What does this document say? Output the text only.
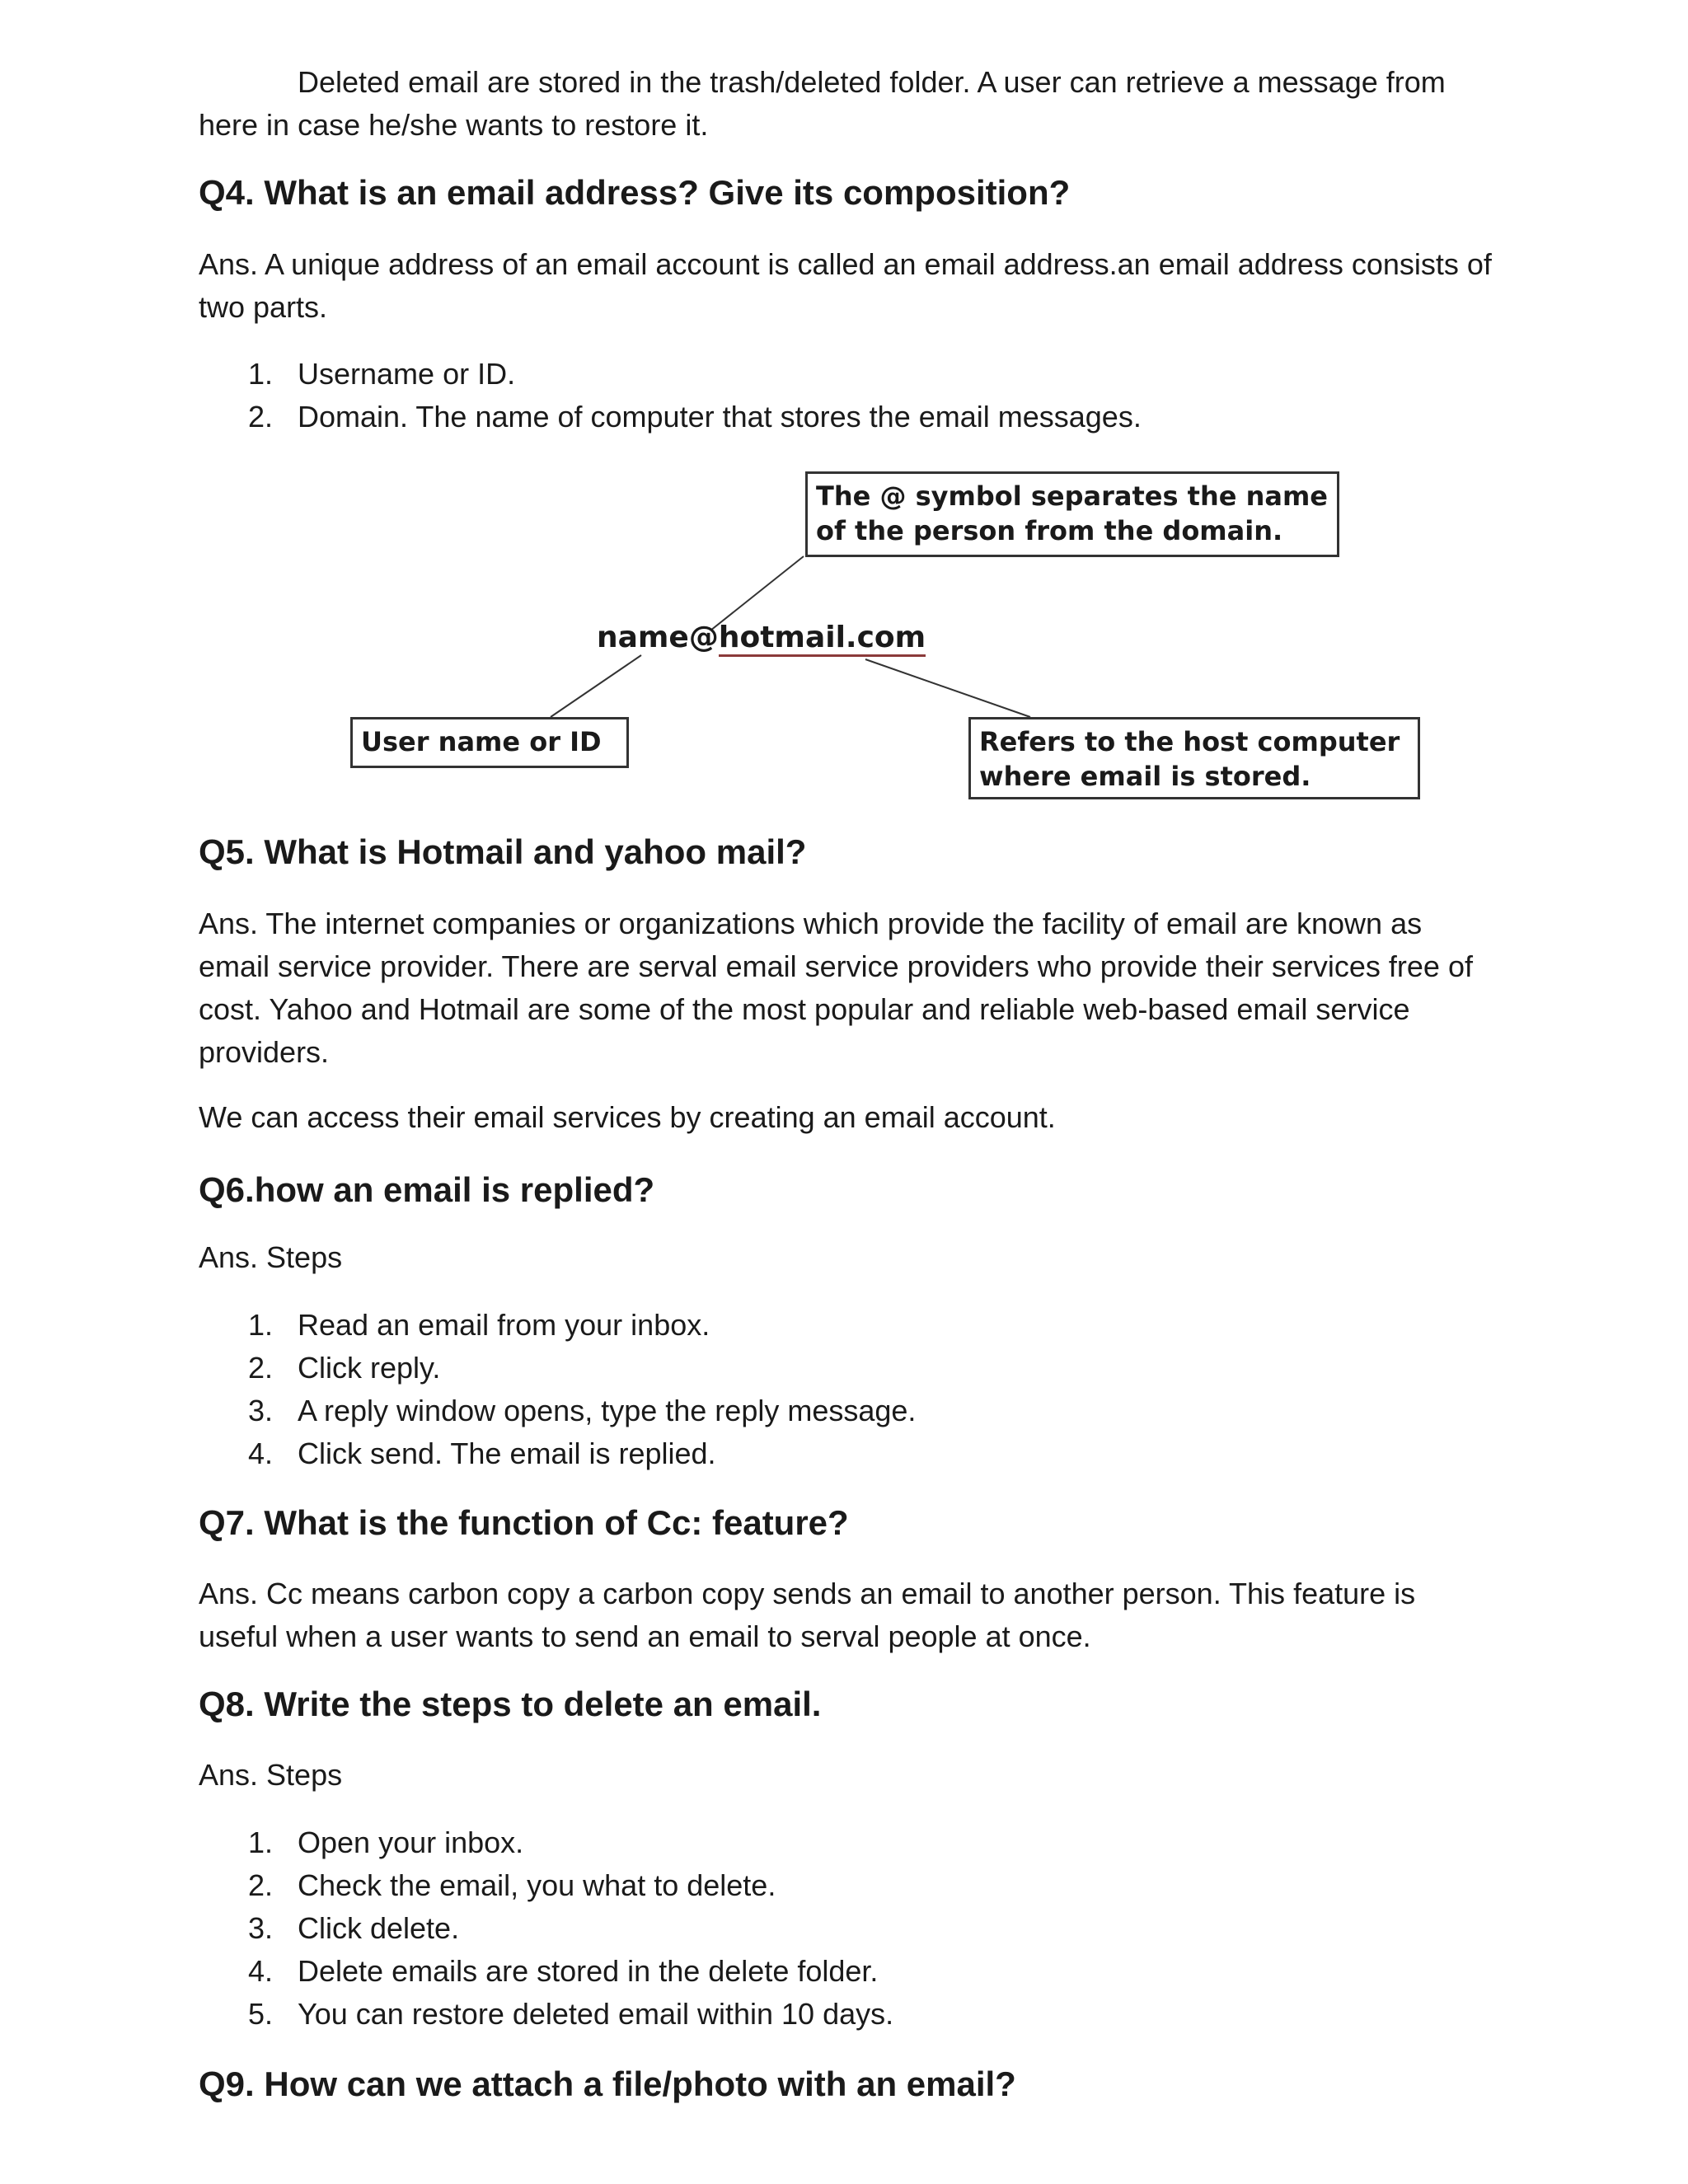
Deleted email are stored in the trash/deleted folder. A user can retrieve a message from here in case he/she wants to restore it.

Q4. What is an email address? Give its composition?

Ans. A unique address of an email account is called an email address.an email address consists of two parts.

1. Username or ID.
2. Domain. The name of computer that stores the email messages.
The @ symbol separates the name of the person from the domain.
name@hotmail.com
User name or ID	Refers to the host computer where email is stored.
Q5. What is Hotmail and yahoo mail?

Ans. The internet companies or organizations which provide the facility of email are known as email service provider. There are serval email service providers who provide their services free of cost. Yahoo and Hotmail are some of the most popular and reliable web-based email service providers.

We can access their email services by creating an email account.

Q6.how an email is replied?

Ans. Steps

1. Read an email from your inbox.
2. Click reply.
3. A reply window opens, type the reply message.
4. Click send. The email is replied.
Q7. What is the function of Cc: feature?

Ans. Cc means carbon copy a carbon copy sends an email to another person. This feature is useful when a user wants to send an email to serval people at once.

Q8. Write the steps to delete an email.

Ans. Steps

1. Open your inbox.
2. Check the email, you what to delete.
3. Click delete.
4. Delete emails are stored in the delete folder.
5. You can restore deleted email within 10 days.
Q9. How can we attach a file/photo with an email?
